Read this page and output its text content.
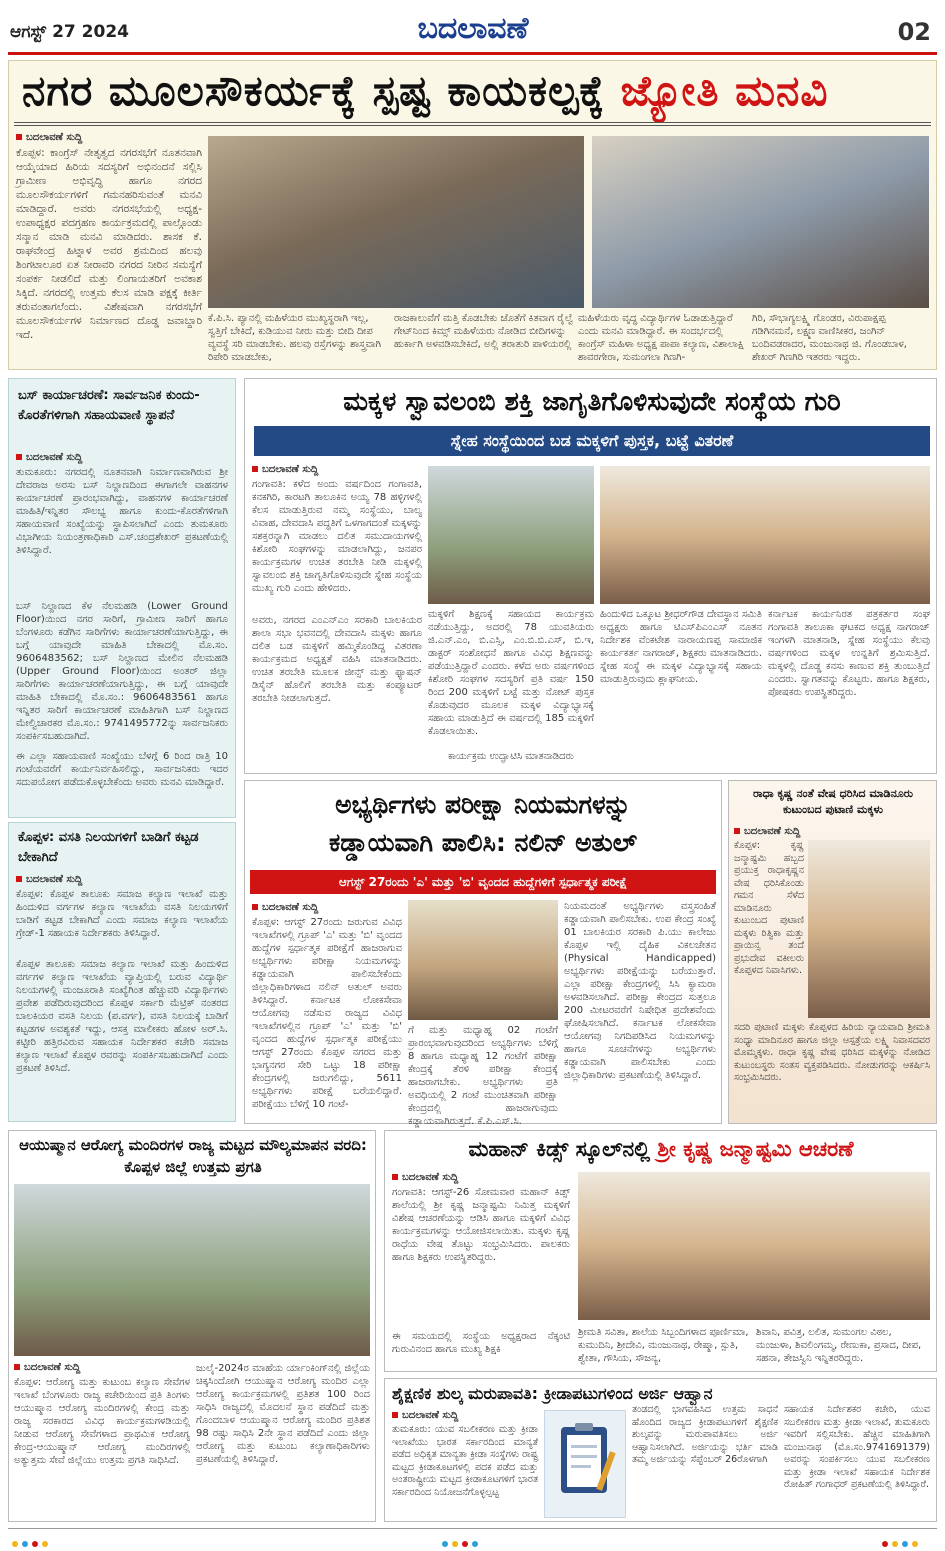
ಆಗಸ್ಟ್ 27 2024	ಬದಲಾವಣೆ	02
ನಗರ ಮೂಲಸೌಕರ್ಯಕ್ಕೆ ಸ್ಪಷ್ಟ ಕಾಯಕಲ್ಪಕ್ಕೆ ಜ್ಯೋತಿ ಮನವಿ
ಬದಲಾವಣೆ ಸುದ್ದಿ
ಕೊಪ್ಪಳ: ಕಾಂಗ್ರೆಸ್ ನೇತೃತ್ವದ ನಗರಸಭೆಗೆ ನೂತನವಾಗಿ ಆಯ್ಕೆಯಾದ ಹಿರಿಯ ಸದಸ್ಯರಿಗೆ ಅಭಿನಂದನೆ ಸಲ್ಲಿಸಿ ಗ್ರಾಮೀಣ ಅಭಿವೃದ್ಧಿ ಹಾಗೂ ನಗರದ ಮೂಲಸೌಕರ್ಯಗಳಿಗೆ ಗಮನಹರಿಸುವಂತೆ ಮನವಿ ಮಾಡಿದ್ದಾರೆ. ಅವರು ನಗರಸಭೆಯಲ್ಲಿ ಅಧ್ಯಕ್ಷ-ಉಪಾಧ್ಯಕ್ಷರ ಪದಗ್ರಹಣ ಕಾರ್ಯಕ್ರಮದಲ್ಲಿ ಪಾಲ್ಗೊಂಡು ಸನ್ಮಾನ ಮಾಡಿ ಮನವಿ ಮಾಡಿದರು. ಶಾಸಕ ಕೆ. ರಾಘವೇಂದ್ರ ಹಿಟ್ನಾಳ ಅವರ ಶ್ರಮದಿಂದ ಹಲವು ಶಿಂಗಟಾಲೂರ ಏತ ನೀರಾವರಿ ನಗರದ ನೀರಿನ ಸಮಸ್ಯೆಗೆ ಸಂಪರ್ಕ ನೀಡಲಿದೆ ಮತ್ತು ಲಿಂಗಾಯತರಿಗೆ ಅವಕಾಶ ಸಿಕ್ಕಿದೆ. ನಗರದಲ್ಲಿ ಉತ್ತಮ ಕೆಲಸ ಮಾಡಿ ಪಕ್ಷಕ್ಕೆ ಕೀರ್ತಿ ತರುವಂತಾಗಲೆಂದು. ವಿಶೇಷವಾಗಿ ನಗರಸಭೆಗೆ ಮೂಲಸೌಕರ್ಯಗಳ ನಿರ್ಮಾಣದ ದೊಡ್ಡ ಜವಾಬ್ದಾರಿ ಇದೆ.
ಕೆ.ಪಿ.ಸಿ. ಪ್ಯಾನಲ್ಲಿ ಮಹಿಳೆಯರ ಮುಖ್ಯಸ್ಥರಾಗಿ ಇಲ್ಲ, ಸ್ವತ್ತಿಗೆ ಬೇಕಿದೆ, ಕುಡಿಯುವ ನೀರು ಮತ್ತು ಬೀದಿ ದೀಪ ವ್ಯವಸ್ಥೆ ಸರಿ ಮಾಡಬೇಕು. ಹಲವು ರಸ್ತೆಗಳನ್ನು ಶಾಸ್ತ್ರವಾಗಿ ರಿಪೇರಿ ಮಾಡಬೇಕು,
ರಾಜಕಾಲುವೆಗೆ ಮತ್ತಿ ಕೊಡಬೇಕು ಜೊತೆಗೆ ಕಿತವಾಗ ರೈಲ್ವೆ ಗೇಟ್‌ನಿಂದ ಕಿಮ್ಸ್ ಮಹಿಳೆಯರು ನೋಡಿದ ಬೀದಿಗಳನ್ನು ಹುರ್ಕಾಗಿ ಅಳವಡಿಸಬೇಕಿದೆ, ಅಲ್ಲಿ ತರಾತುರಿ ಪಾಳಿಯರಲ್ಲಿ
ಮಹಿಳೆಯರು ವೃದ್ಧ ವಿದ್ಯಾರ್ಥಿಗಳ ಓಡಾಡುತ್ತಿದ್ದಾರೆ ಎಂದು ಮನವಿ ಮಾಡಿದ್ದಾರೆ. ಈ ಸಂದರ್ಭದಲ್ಲಿ ಕಾಂಗ್ರೆಸ್ ಮಹಿಳಾ ಅಧ್ಯಕ್ಷ ಪಾಪಾ ಕಲ್ಯಾಣ, ವಿಶಾಲಾಕ್ಷಿ ಶಾವರಗೇರಾ, ಸುಮಂಗಲಾ ಗಿಣಗಿ-
ಗಿರಿ, ಸೌಭಾಗ್ಯಲಕ್ಷ್ಮಿ ಗೊಂಡರ, ವಿರುಪಾಕ್ಷಪ್ಪ ಗಡಿಗಿನಮನೆ, ಲಕ್ಷ್ಮಣ ವಾಣಿಸೀಕರ, ಜಂಗಿನ್ ಬಂದಿವಡರಾದರ, ಮಂಜುನಾಥ ಜಿ. ಗೊಂಡಬಾಳ, ಶೇಖರ್ ಗಿಣಗಿರಿ ಇತರರು ಇದ್ದರು.
ಬಸ್ ಕಾರ್ಯಾಚರಣೆ: ಸಾರ್ವಜನಿಕ ಕುಂದು-ಕೊರತೆಗಳಿಗಾಗಿ ಸಹಾಯವಾಣಿ ಸ್ಥಾಪನೆ
ಬದಲಾವಣೆ ಸುದ್ದಿ
ತುಮಕೂರು: ನಗರದಲ್ಲಿ ನೂತನವಾಗಿ ನಿರ್ಮಾಣವಾಗಿರುವ ಶ್ರೀ ದೇವರಾಜ ಅರಸು ಬಸ್ ನಿಲ್ದಾಣದಿಂದ ಈಗಾಗಲೇ ವಾಹನಗಳ ಕಾರ್ಯಾಚರಣೆ ಪ್ರಾರಂಭವಾಗಿದ್ದು, ವಾಹನಗಳ ಕಾರ್ಯಾಚರಣೆ ಮಾಹಿತಿ/ಇನ್ನಿತರ ಸೌಲಭ್ಯ ಹಾಗೂ ಕುಂದು-ಕೊರತೆಗಳಿಗಾಗಿ ಸಹಾಯವಾಣಿ ಸಂಖ್ಯೆಯನ್ನು ಸ್ಥಾಪಿಸಲಾಗಿದೆ ಎಂದು ತುಮಕೂರು ವಿಭಾಗೀಯ ನಿಯಂತ್ರಣಾಧಿಕಾರಿ ಎಸ್.ಚಂದ್ರಶೇಖರ್ ಪ್ರಕಟಣೆಯಲ್ಲಿ ತಿಳಿಸಿದ್ದಾರೆ.
ಬಸ್ ನಿಲ್ದಾಣದ ಕೆಳ ನೆಲಮಹಡಿ (Lower Ground Floor)ಯಿಂದ ನಗರ ಸಾರಿಗೆ, ಗ್ರಾಮೀಣ ಸಾರಿಗೆ ಹಾಗೂ ಬೆಂಗಳೂರು ಕಡೆಗಿನ ಸಾರಿಗೆಗಳು ಕಾರ್ಯಾಚರಣೆಯಾಗುತ್ತಿದ್ದು, ಈ ಬಗ್ಗೆ ಯಾವುದೇ ಮಾಹಿತಿ ಬೇಕಾದಲ್ಲಿ ಮೊ.ಸಂ. 9606483562; ಬಸ್ ನಿಲ್ದಾಣದ ಮೇಲಿನ ನೆಲಮಹಡಿ (Upper Ground Floor)ಯಿಂದ ಅಂತರ್ ಜಿಲ್ಲಾ ಸಾರಿಗೆಗಳು ಕಾರ್ಯಾಚರಣೆಯಾಗುತ್ತಿದ್ದು, ಈ ಬಗ್ಗೆ ಯಾವುದೇ ಮಾಹಿತಿ ಬೇಕಾದಲ್ಲಿ ಮೊ.ಸಂ.: 9606483561 ಹಾಗೂ ಇನ್ನಿತರ ಸಾರಿಗೆ ಕಾರ್ಯಾಚರಣೆ ಮಾಹಿತಿಗಾಗಿ ಬಸ್ ನಿಲ್ದಾಣದ ಮೇಲ್ವಿಚಾರಕರ ಮೊ.ಸಂ.: 9741495772ನ್ನು ಸಾರ್ವಜನಿಕರು ಸಂಪರ್ಕಿಸಬಹುದಾಗಿದೆ.
ಈ ಎಲ್ಲಾ ಸಹಾಯವಾಣಿ ಸಂಖ್ಯೆಯು ಬೆಳಗ್ಗೆ 6 ರಿಂದ ರಾತ್ರಿ 10 ಗಂಟೆಯವರೆಗೆ ಕಾರ್ಯನಿರ್ವಹಿಸಲಿದ್ದು, ಸಾರ್ವಜನಿಕರು ಇದರ ಸದುಪಯೋಗ ಪಡೆದುಕೊಳ್ಳಬೇಕೆಂದು ಅವರು ಮನವಿ ಮಾಡಿದ್ದಾರೆ.
ಕೊಪ್ಪಳ: ವಸತಿ ನಿಲಯಗಳಿಗೆ ಬಾಡಿಗೆ ಕಟ್ಟಡ ಬೇಕಾಗಿದೆ
ಬದಲಾವಣೆ ಸುದ್ದಿ
ಕೊಪ್ಪಳ: ಕೊಪ್ಪಳ ತಾಲೂಕು ಸಮಾಜ ಕಲ್ಯಾಣ ಇಲಾಖೆ ಮತ್ತು ಹಿಂದುಳಿದ ವರ್ಗಗಳ ಕಲ್ಯಾಣ ಇಲಾಖೆಯ ವಸತಿ ನಿಲಯಗಳಿಗೆ ಬಾಡಿಗೆ ಕಟ್ಟಡ ಬೇಕಾಗಿದೆ ಎಂದು ಸಮಾಜ ಕಲ್ಯಾಣ ಇಲಾಖೆಯ ಗ್ರೇಡ್-1 ಸಹಾಯಕ ನಿರ್ದೇಶಕರು ತಿಳಿಸಿದ್ದಾರೆ.
ಕೊಪ್ಪಳ ತಾಲೂಕು ಸಮಾಜ ಕಲ್ಯಾಣ ಇಲಾಖೆ ಮತ್ತು ಹಿಂದುಳಿದ ವರ್ಗಗಳ ಕಲ್ಯಾಣ ಇಲಾಖೆಯ ವ್ಯಾಪ್ತಿಯಲ್ಲಿ ಬರುವ ವಿದ್ಯಾರ್ಥಿ ನಿಲಯಗಳಲ್ಲಿ ಮಂಜೂರಾತಿ ಸಂಖ್ಯೆಗಿಂತ ಹೆಚ್ಚುವರಿ ವಿದ್ಯಾರ್ಥಿಗಳು ಪ್ರವೇಶ ಪಡೆದಿರುವುದರಿಂದ ಕೊಪ್ಪಳ ಸರ್ಕಾರಿ ಮೆಟ್ರಿಕ್ ನಂತರದ ಬಾಲಕಿಯರ ವಸತಿ ನಿಲಯ (ಪ.ವರ್ಗ), ವಸತಿ ನಿಲಯಕ್ಕೆ ಬಾಡಿಗೆ ಕಟ್ಟಡಗಳ ಅವಶ್ಯಕತೆ ಇದ್ದು, ಆಸಕ್ತ ಮಾಲೀಕರು ಹೋಳ ಅರ್.ಸಿ. ಕಟ್ಟೀರಿ ಹತ್ತಿರವಿರುವ ಸಹಾಯಕ ನಿರ್ದೇಶಕರ ಕಚೇರಿ ಸಮಾಜ ಕಲ್ಯಾಣ ಇಲಾಖೆ ಕೊಪ್ಪಳ ರವರನ್ನು ಸಂಪರ್ಕಿಸಬಹುದಾಗಿದೆ ಎಂದು ಪ್ರಕಟಣೆ ತಿಳಿಸಿದೆ.
ಮಕ್ಕಳ ಸ್ವಾವಲಂಬಿ ಶಕ್ತಿ ಜಾಗೃತಿಗೊಳಿಸುವುದೇ ಸಂಸ್ಥೆಯ ಗುರಿ
ಸ್ನೇಹ ಸಂಸ್ಥೆಯಿಂದ ಬಡ ಮಕ್ಕಳಿಗೆ ಪುಸ್ತಕ, ಬಟ್ಟೆ ವಿತರಣೆ
ಬದಲಾವಣೆ ಸುದ್ದಿ
ಗಂಗಾವತಿ: ಕಳೆದ ಅಂದು ವರ್ಷದಿಂದ ಗಂಗಾವತಿ, ಕನಕಗಿರಿ, ಕಾರಟಗಿ ತಾಲೂಕಿನ ಅಯ್ಯ 78 ಹಳ್ಳಿಗಳಲ್ಲಿ ಕೆಲಸ ಮಾಡುತ್ತಿರುವ ನಮ್ಮ ಸಂಸ್ಥೆಯು, ಬಾಲ್ಯ ವಿವಾಹ, ದೇವದಾಸಿ ಪದ್ಧತಿಗೆ ಒಳಗಾಗದಂತೆ ಮಕ್ಕಳನ್ನು ಸಶಕ್ತರನ್ನಾಗಿ ಮಾಡಲು ದಲಿತ ಸಮುದಾಯಗಳಲ್ಲಿ ಕಿಶೋರಿ ಸಂಘಗಳನ್ನು ಮಾಡಲಾಗಿದ್ದು, ಜನಪರ ಕಾರ್ಯಕ್ರಮಗಳ ಉಚಿತ ತರಬೇತಿ ನೀಡಿ ಮಕ್ಕಳಲ್ಲಿ ಸ್ವಾವಲಂಬಿ ಶಕ್ತಿ ಜಾಗೃತಿಗೊಳಿಸುವುದೇ ಸ್ನೇಹ ಸಂಸ್ಥೆಯ ಮುಖ್ಯ ಗುರಿ ಎಂದು ಹೇಳಿದರು.
ಅವರು, ನಗರದ ಎಂಎನ್‌ಎಂ ಸರಕಾರಿ ಬಾಲಕಿಯರ ಶಾಲಾ ಸಭಾ ಭವನದಲ್ಲಿ ದೇವದಾಸಿ ಮಕ್ಕಳು ಹಾಗೂ ದಲಿತ ಬಡ ಮಕ್ಕಳಿಗೆ ಹಮ್ಮಿಕೊಂಡಿದ್ದ ವಿತರಣಾ ಕಾರ್ಯಕ್ರಮದ ಅಧ್ಯಕ್ಷತೆ ವಹಿಸಿ ಮಾತನಾಡಿದರು. ಉಚಿತ ತರಬೇತಿ ಮೂಲಕ ಜೀನ್ಸ್ ಮತ್ತು ಫ್ಯಾಷನ್ ಡಿಸೈನ್ ಹೊಲಿಗೆ ತರಬೇತಿ ಮತ್ತು ಕಂಪ್ಯೂಟರ್ ತರಬೇತಿ ನೀಡಲಾಗುತ್ತದೆ.
ಮಕ್ಕಳಿಗೆ ಶಿಕ್ಷಣಕ್ಕೆ ಸಹಾಯದ ಕಾರ್ಯಕ್ರಮ ನಡೆಯುತ್ತಿದ್ದು, ಅದರಲ್ಲಿ 78 ಯುವತಿಯರು ಜಿ.ಎನ್.ಎಂ, ಬಿ.ಎಸ್ಸಿ, ಎಂ.ಬಿ.ಬಿ.ಎಸ್, ಬಿ.ಇ, ಡಾಕ್ಟರ್ ಸಂಶೋಧನೆ ಹಾಗೂ ವಿವಿಧ ಶಿಕ್ಷಣವನ್ನು ಪಡೆಯುತ್ತಿದ್ದಾರೆ ಎಂದರು. ಕಳೆದ ಅರು ವರ್ಷಗಳಿಂದ ಕಿಶೋರಿ ಸಂಘಗಳ ಸದಸ್ಯರಿಗೆ ಪ್ರತಿ ವರ್ಷ 150 ರಿಂದ 200 ಮಕ್ಕಳಿಗೆ ಬಟ್ಟೆ ಮತ್ತು ನೋಟ್ ಪುಸ್ತಕ ಕೊಡುವುದರ ಮೂಲಕ ಮಕ್ಕಳ ವಿದ್ಯಾಭ್ಯಾಸಕ್ಕೆ ಸಹಾಯ ಮಾಡುತ್ತಿದೆ ಈ ವರ್ಷದಲ್ಲಿ 185 ಮಕ್ಕಳಿಗೆ ಕೊಡಲಾಯಿತು.
ಕಾರ್ಯಕ್ರಮ ಉದ್ಘಾಟಿಸಿ ಮಾತನಾಡಿದರು
ಹಿಂದುಳಿದ ಒಕ್ಕೂಟ ಶ್ರೀಧರ್‌ಗೌಡ ದೇವಸ್ಥಾನ ಸಮಿತಿ ಅಧ್ಯಕ್ಷರು ಹಾಗೂ ಟಿಎಸ್‌ಪಿಎಂಎಸ್ ನೂತನ ನಿರ್ದೇಶಕ ವೆಂಕಟೇಶ ನಾರಾಯಣಪ್ಪ ಸಾಮಾಜಿಕ ಕಾರ್ಯಕರ್ತ ನಾಗರಾಜ್, ಶಿಕ್ಷಕರು ಮಾತನಾಡಿದರು. ಸ್ನೇಹ ಸಂಸ್ಥೆ ಈ ಮಕ್ಕಳ ವಿದ್ಯಾಭ್ಯಾಸಕ್ಕೆ ಸಹಾಯ ಮಾಡುತ್ತಿರುವುದು ಶ್ಲಾಘನೀಯ.
ಕರ್ನಾಟಕ ಕಾರ್ಯನಿರತ ಪತ್ರಕರ್ತರ ಸಂಘ ಗಂಗಾವತಿ ತಾಲೂಕಾ ಘಟಕದ ಅಧ್ಯಕ್ಷ ನಾಗರಾಜ್ ಇಂಗಳಗಿ ಮಾತನಾಡಿ, ಸ್ನೇಹ ಸಂಸ್ಥೆಯು ಕೆಲವು ವರ್ಷಗಳಿಂದ ಮಕ್ಕಳ ಉನ್ನತಿಗೆ ಶ್ರಮಿಸುತ್ತಿದೆ. ಮಕ್ಕಳಲ್ಲಿ ದೊಡ್ಡ ಕನಸು ಕಾಣುವ ಶಕ್ತಿ ತುಂಬುತ್ತಿದೆ ಎಂದರು. ಸ್ವಾಗತವನ್ನು ಕೊಟ್ಟರು. ಹಾಗೂ ಶಿಕ್ಷಕರು, ಪೋಷಕರು ಉಪಸ್ಥಿತರಿದ್ದರು.
ಅಭ್ಯರ್ಥಿಗಳು ಪರೀಕ್ಷಾ ನಿಯಮಗಳನ್ನು
ಕಡ್ಡಾಯವಾಗಿ ಪಾಲಿಸಿ: ನಲಿನ್ ಅತುಲ್
ಆಗಸ್ಟ್ 27ರಂದು 'ಎ' ಮತ್ತು 'ಬಿ' ವೃಂದದ ಹುದ್ದೆಗಳಿಗೆ ಸ್ಪರ್ಧಾತ್ಮಕ ಪರೀಕ್ಷೆ
ಬದಲಾವಣೆ ಸುದ್ದಿ
ಕೊಪ್ಪಳ: ಆಗಸ್ಟ್ 27ರಂದು ಜರುಗುವ ವಿವಿಧ ಇಲಾಖೆಗಳಲ್ಲಿ ಗ್ರೂಪ್ 'ಎ' ಮತ್ತು 'ಬಿ' ವೃಂದದ ಹುದ್ದೆಗಳ ಸ್ಪರ್ಧಾತ್ಮಕ ಪರೀಕ್ಷೆಗೆ ಹಾಜರಾಗುವ ಅಭ್ಯರ್ಥಿಗಳು ಪರೀಕ್ಷಾ ನಿಯಮಗಳನ್ನು ಕಡ್ಡಾಯವಾಗಿ ಪಾಲಿಸಬೇಕೆಂದು ಜಿಲ್ಲಾಧಿಕಾರಿಗಳಾದ ನಲಿನ್ ಅತುಲ್ ಅವರು ತಿಳಿಸಿದ್ದಾರೆ. ಕರ್ನಾಟಕ ಲೋಕಸೇವಾ ಆಯೋಗವು ನಡೆಸುವ ರಾಜ್ಯದ ವಿವಿಧ ಇಲಾಖೆಗಳಲ್ಲಿನ ಗ್ರೂಪ್ 'ಎ' ಮತ್ತು 'ಬಿ' ವೃಂದದ ಹುದ್ದೆಗಳ ಸ್ಪರ್ಧಾತ್ಮಕ ಪರೀಕ್ಷೆಯು ಆಗಸ್ಟ್ 27ರಂದು ಕೊಪ್ಪಳ ನಗರದ ಮತ್ತು ಭಾಗ್ಯನಗರ ಸೇರಿ ಒಟ್ಟು 18 ಪರೀಕ್ಷಾ ಕೇಂದ್ರಗಳಲ್ಲಿ ಜರುಗಲಿದ್ದು, 5611 ಅಭ್ಯರ್ಥಿಗಳು ಪರೀಕ್ಷೆ ಬರೆಯಲಿದ್ದಾರೆ. ಪರೀಕ್ಷೆಯು ಬೆಳಿಗ್ಗೆ 10 ಗಂಟೆ-
ಗೆ ಮತ್ತು ಮಧ್ಯಾಹ್ನ 02 ಗಂಟೆಗೆ ಪ್ರಾರಂಭವಾಗುವುದರಿಂದ ಅಭ್ಯರ್ಥಿಗಳು ಬೆಳಿಗ್ಗೆ 8 ಹಾಗೂ ಮಧ್ಯಾಹ್ನ 12 ಗಂಟೆಗೆ ಪರೀಕ್ಷಾ ಕೇಂದ್ರಕ್ಕೆ ತೆರಳಿ ಪರೀಕ್ಷಾ ಕೇಂದ್ರಕ್ಕೆ ಹಾಜರಾಗಬೇಕು. ಅಭ್ಯರ್ಥಿಗಳು ಪ್ರತಿ ಅವಧಿಯಲ್ಲಿ 2 ಗಂಟೆ ಮುಂಚಿತವಾಗಿ ಪರೀಕ್ಷಾ ಕೇಂದ್ರದಲ್ಲಿ ಹಾಜರಾಗುವುದು ಕಡ್ಡಾಯವಾಗಿರುತ್ತದೆ. ಕೆ.ಪಿ.ಎಸ್.ಸಿ.
ನಿಯಮದಂತೆ ಅಭ್ಯರ್ಥಿಗಳು ವಸ್ತ್ರಸಂಹಿತೆ ಕಡ್ಡಾಯವಾಗಿ ಪಾಲಿಸಬೇಕು. ಉಪ ಕೇಂದ್ರ ಸಂಖ್ಯೆ 01 ಬಾಲಕಿಯರ ಸರಕಾರಿ ಪಿ.ಯು ಕಾಲೇಜು ಕೊಪ್ಪಳ ಇಲ್ಲಿ ದೈಹಿಕ ವಿಕಲಚೇತನ (Physical Handicapped) ಅಭ್ಯರ್ಥಿಗಳು ಪರೀಕ್ಷೆಯನ್ನು ಬರೆಯುತ್ತಾರೆ. ಎಲ್ಲಾ ಪರೀಕ್ಷಾ ಕೇಂದ್ರಗಳಲ್ಲಿ ಸಿಸಿ ಕ್ಯಾಮರಾ ಅಳವಡಿಸಲಾಗಿದೆ. ಪರೀಕ್ಷಾ ಕೇಂದ್ರದ ಸುತ್ತಲೂ 200 ಮೀಟರವರೆಗೆ ನಿಷೇಧಿತ ಪ್ರದೇಶವೆಂದು ಘೋಷಿಸಲಾಗಿದೆ. ಕರ್ನಾಟಕ ಲೋಕಸೇವಾ ಆಯೋಗವು ನಿಗದಿಪಡಿಸಿದ ನಿಯಮಗಳನ್ನು ಹಾಗೂ ಸೂಚನೆಗಳನ್ನು ಅಭ್ಯರ್ಥಿಗಳು ಕಡ್ಡಾಯವಾಗಿ ಪಾಲಿಸಬೇಕು ಎಂದು ಜಿಲ್ಲಾಧಿಕಾರಿಗಳು ಪ್ರಕಟಣೆಯಲ್ಲಿ ತಿಳಿಸಿದ್ದಾರೆ.
ರಾಧಾ ಕೃಷ್ಣ ನಂತೆ ವೇಷ ಧರಿಸಿದ ಮಾಡಿನೂರು ಕುಟುಂಬದ ಪುಟಾಣಿ ಮಕ್ಕಳು
ಬದಲಾವಣೆ ಸುದ್ದಿ
ಕೊಪ್ಪಳ: ಕೃಷ್ಣ ಜನ್ಮಾಷ್ಟಮಿ ಹಬ್ಬದ ಪ್ರಯುಕ್ತ ರಾಧಾಕೃಷ್ಣನ ವೇಷ ಧರಿಸಿಕೊಂಡು ಗಮನ ಸೆಳೆದ ಮಾಡಿನೂರು ಕುಟುಂಬದ ಪುಟಾಣಿ ಮಕ್ಕಳು ರಿತ್ವಿಕಾ ಮತ್ತು ಪ್ರಾಯಿನ್ಸ ತಂದೆ ಪ್ರಭುದೇವ ವಕೀಲರು ಕೊಪ್ಪಳದ ನಿವಾಸಿಗಳು.
ಸದರಿ ಪುಟಾಣಿ ಮಕ್ಕಳು ಕೊಪ್ಪಳದ ಹಿರಿಯ ನ್ಯಾಯವಾದಿ ಶ್ರೀಮತಿ ಸಂಧ್ಯಾ ಮಾದಿನೂರ ಹಾಗೂ ಜಿಲ್ಲಾ ಆಸ್ಪತ್ರೆಯ ಲಕ್ಷ್ಮಿ ನಿವಾಸದವರ ಮೊಮ್ಮಕ್ಕಳು. ರಾಧಾ ಕೃಷ್ಣ ವೇಷ ಧರಿಸಿದ ಮಕ್ಕಳನ್ನು ನೋಡಿದ ಕುಟುಂಬಸ್ಥರು ಸಂತಸ ವ್ಯಕ್ತಪಡಿಸಿದರು. ನೋಡುಗರನ್ನು ಆಕರ್ಷಿಸಿ ಸಂಭ್ರಮಿಸಿದರು.
ಆಯುಷ್ಮಾನ ಆರೋಗ್ಯ ಮಂದಿರಗಳ ರಾಜ್ಯ ಮಟ್ಟದ ಮೌಲ್ಯಮಾಪನ ವರದಿ: ಕೊಪ್ಪಳ ಜಿಲ್ಲೆ ಉತ್ತಮ ಪ್ರಗತಿ
ಬದಲಾವಣೆ ಸುದ್ದಿ
ಕೊಪ್ಪಳ: ಆರೋಗ್ಯ ಮತ್ತು ಕುಟುಂಬ ಕಲ್ಯಾಣ ಸೇವೆಗಳ ಇಲಾಖೆ ಬೆಂಗಳೂರು ರಾಜ್ಯ ಕಚೇರಿಯಿಂದ ಪ್ರತಿ ತಿಂಗಳು ಆಯುಷ್ಮಾನ ಆರೋಗ್ಯ ಮಂದಿರಗಳಲ್ಲಿ ಕೇಂದ್ರ ಮತ್ತು ರಾಜ್ಯ ಸರಕಾರದ ವಿವಿಧ ಕಾರ್ಯಕ್ರಮಗಳಡಿಯಲ್ಲಿ ನೀಡುವ ಆರೋಗ್ಯ ಸೇವೆಗಳಾದ ಪ್ರಾಥಮಿಕ ಆರೋಗ್ಯ ಕೇಂದ್ರ-ಆಯುಷ್ಮಾನ್ ಆರೋಗ್ಯ ಮಂದಿರಗಳಲ್ಲಿ ಅತ್ಯುತ್ತಮ ಸೇವೆ ಜಿಲ್ಲೆಯು ಉತ್ತಮ ಪ್ರಗತಿ ಸಾಧಿಸಿದೆ.
ಜುಲೈ-2024ರ ಮಾಹೆಯ ರ್ಯಾಂಕಿಂಗ್‌ನಲ್ಲಿ ಜಿಲ್ಲೆಯ ಚಿಕ್ಕಸಿಂದೋಗಿ ಆಯುಷ್ಮಾನ ಆರೋಗ್ಯ ಮಂದಿರ ಎಲ್ಲಾ ಆರೋಗ್ಯ ಕಾರ್ಯಕ್ರಮಗಳಲ್ಲಿ ಪ್ರತಿಶತ 100 ರಿಂದ ಸಾಧಿಸಿ ರಾಜ್ಯದಲ್ಲಿ ಮೊದಲನೆ ಸ್ಥಾನ ಪಡೆದಿದೆ ಮತ್ತು ಗೊಂದಬಾಳ ಆಯುಷ್ಮಾನ ಆರೋಗ್ಯ ಮಂದಿರ ಪ್ರತಿಶತ 98 ರಷ್ಟು ಸಾಧಿಸಿ 2ನೇ ಸ್ಥಾನ ಪಡೆದಿದೆ ಎಂದು ಜಿಲ್ಲಾ ಆರೋಗ್ಯ ಮತ್ತು ಕುಟುಂಬ ಕಲ್ಯಾಣಾಧಿಕಾರಿಗಳು ಪ್ರಕಟಣೆಯಲ್ಲಿ ತಿಳಿಸಿದ್ದಾರೆ.
ಮಹಾನ್ ಕಿಡ್ಸ್ ಸ್ಕೂಲ್‌ನಲ್ಲಿ ಶ್ರೀ ಕೃಷ್ಣ ಜನ್ಮಾಷ್ಟಮಿ ಆಚರಣೆ
ಬದಲಾವಣೆ ಸುದ್ದಿ
ಗಂಗಾವತಿ: ಆಗಸ್ಟ್-26 ಸೋಮವಾರ ಮಹಾನ್ ಕಿಡ್ಸ್ ಶಾಲೆಯಲ್ಲಿ ಶ್ರೀ ಕೃಷ್ಣ ಜನ್ಮಾಷ್ಟಮಿ ನಿಮಿತ್ತ ಮಕ್ಕಳಿಗೆ ವಿಶೇಷ ಆಚರಣೆಯನ್ನು ಆಡಿಸಿ ಹಾಗೂ ಮಕ್ಕಳಿಗೆ ವಿವಿಧ ಕಾರ್ಯಕ್ರಮಗಳನ್ನು ಆಯೋಜಿಸಲಾಯಿತು. ಮಕ್ಕಳು ಕೃಷ್ಣ ರಾಧೆಯ ವೇಷ ತೊಟ್ಟು ಸಂಭ್ರಮಿಸಿದರು. ಪಾಲಕರು ಹಾಗೂ ಶಿಕ್ಷಕರು ಉಪಸ್ಥಿತರಿದ್ದರು.
ಈ ಸಮಯದಲ್ಲಿ ಸಂಸ್ಥೆಯ ಅಧ್ಯಕ್ಷರಾದ ನೆಕ್ಕಂಟಿ ಗುರುವಿನಂದ ಹಾಗೂ ಮುಖ್ಯ ಶಿಕ್ಷಕಿ
ಶ್ರೀಮತಿ ಸವಿತಾ, ಶಾಲೆಯ ಸಿಬ್ಬಂದಿಗಳಾದ ಪೂರ್ಣಿಮಾ, ಕುಮುದಿನಿ, ಶ್ರೀದೇವಿ, ಮಂಜುನಾಥ, ರೇಷ್ಮಾ, ಸ್ಪುತಿ, ಶ್ವೇತಾ, ಗೌಸಿಯ, ಸೌಜನ್ಯ,
ಶಿವಾನಿ, ಪವಿತ್ರ, ಲಲಿತ, ಸುಮಂಗಲ ವಿಠಲ, ಮಂಜುಳಾ, ಶಿವಲಿಂಗಮ್ಮ, ರೇಣುಕಾ, ಪ್ರಸಾದ, ದೀಪ, ಸಹನಾ, ತೇಜಸ್ವಿನಿ ಇನ್ನಿತರರಿದ್ದರು.
ಶೈಕ್ಷಣಿಕ ಶುಲ್ಕ ಮರುಪಾವತಿ: ಕ್ರೀಡಾಪಟುಗಳಿಂದ ಅರ್ಜಿ ಆಹ್ವಾನ
ಬದಲಾವಣೆ ಸುದ್ದಿ
ತುಮಕೂರು: ಯುವ ಸಬಲೀಕರಣ ಮತ್ತು ಕ್ರೀಡಾ ಇಲಾಖೆಯು ಭಾರತ ಸರ್ಕಾರದಿಂದ ಮಾನ್ಯತೆ ಪಡೆದ ಅಧಿಕೃತ ಮಾನ್ಯತಾ ಕ್ರೀಡಾ ಸಂಸ್ಥೆಗಳು ರಾಷ್ಟ್ರ ಮಟ್ಟದ ಕ್ರೀಡಾಕೂಟಗಳಲ್ಲಿ ಪದಕ ಪಡೆದ ಮತ್ತು ಅಂತರಾಷ್ಟ್ರೀಯ ಮಟ್ಟದ ಕ್ರೀಡಾಕೂಟಗಳಿಗೆ ಭಾರತ ಸರ್ಕಾರದಿಂದ ನಿಯೋಜನೆಗೊಳ್ಳಲ್ಪಟ್ಟ
ತಂಡದಲ್ಲಿ ಭಾಗವಹಿಸಿದ ಉತ್ತಮ ಸಾಧನೆ ಹೊಂದಿದ ರಾಜ್ಯದ ಕ್ರೀಡಾಪಟುಗಳಿಗೆ ಶೈಕ್ಷಣಿಕ ಶುಲ್ಕವನ್ನು ಮರುಪಾವತಿಸಲು ಅರ್ಜಿ ಆಹ್ವಾನಿಸಲಾಗಿದೆ. ಅರ್ಜಿಯನ್ನು ಭರ್ತಿ ಮಾಡಿ ತಮ್ಮ ಅರ್ಜಿಯನ್ನು ಸೆಪ್ಟೆಂಬರ್ 26ರೊಳಗಾಗಿ
ಸಹಾಯಕ ನಿರ್ದೇಶಕರ ಕಚೇರಿ, ಯುವ ಸಬಲೀಕರಣ ಮತ್ತು ಕ್ರೀಡಾ ಇಲಾಖೆ, ತುಮಕೂರು ಇವರಿಗೆ ಸಲ್ಲಿಸಬೇಕು. ಹೆಚ್ಚಿನ ಮಾಹಿತಿಗಾಗಿ ಮಂಜುನಾಥ (ಮೊ.ಸಂ.9741691379) ಅವರನ್ನು ಸಂಪರ್ಕಿಸಲು ಯುವ ಸಬಲೀಕರಣ ಮತ್ತು ಕ್ರೀಡಾ ಇಲಾಖೆ ಸಹಾಯಕ ನಿರ್ದೇಶಕ ರೋಹಿತ್ ಗಂಗಾಧರ್ ಪ್ರಕಟಣೆಯಲ್ಲಿ ತಿಳಿಸಿದ್ದಾರೆ.
